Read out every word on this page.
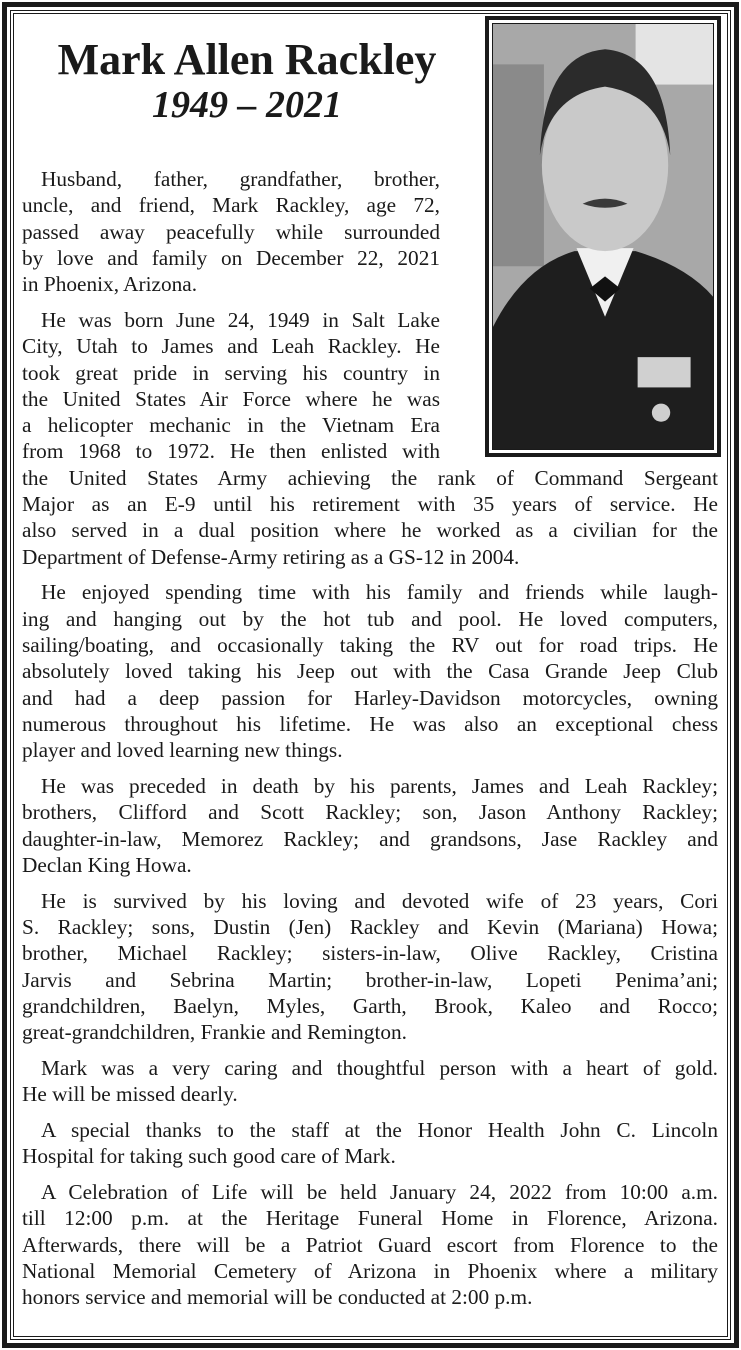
Mark Allen Rackley
1949 – 2021
Husband, father, grandfather, brother,
uncle, and friend, Mark Rackley, age 72,
passed away peacefully while surrounded
by love and family on December 22, 2021
in Phoenix, Arizona.
He was born June 24, 1949 in Salt Lake
City, Utah to James and Leah Rackley. He
took great pride in serving his country in
the United States Air Force where he was
a helicopter mechanic in the Vietnam Era
from 1968 to 1972. He then enlisted with
the United States Army achieving the rank of Command Sergeant
Major as an E-9 until his retirement with 35 years of service. He
also served in a dual position where he worked as a civilian for the
Department of Defense-Army retiring as a GS-12 in 2004.
He enjoyed spending time with his family and friends while laugh-
ing and hanging out by the hot tub and pool. He loved computers,
sailing/boating, and occasionally taking the RV out for road trips. He
absolutely loved taking his Jeep out with the Casa Grande Jeep Club
and had a deep passion for Harley-Davidson motorcycles, owning
numerous throughout his lifetime. He was also an exceptional chess
player and loved learning new things.
He was preceded in death by his parents, James and Leah Rackley;
brothers, Clifford and Scott Rackley; son, Jason Anthony Rackley;
daughter-in-law, Memorez Rackley; and grandsons, Jase Rackley and
Declan King Howa.
He is survived by his loving and devoted wife of 23 years, Cori
S. Rackley; sons, Dustin (Jen) Rackley and Kevin (Mariana) Howa;
brother, Michael Rackley; sisters-in-law, Olive Rackley, Cristina
Jarvis and Sebrina Martin; brother-in-law, Lopeti Penima’ani;
grandchildren, Baelyn, Myles, Garth, Brook, Kaleo and Rocco;
great-grandchildren, Frankie and Remington.
Mark was a very caring and thoughtful person with a heart of gold.
He will be missed dearly.
A special thanks to the staff at the Honor Health John C. Lincoln
Hospital for taking such good care of Mark.
A Celebration of Life will be held January 24, 2022 from 10:00 a.m.
till 12:00 p.m. at the Heritage Funeral Home in Florence, Arizona.
Afterwards, there will be a Patriot Guard escort from Florence to the
National Memorial Cemetery of Arizona in Phoenix where a military
honors service and memorial will be conducted at 2:00 p.m.
